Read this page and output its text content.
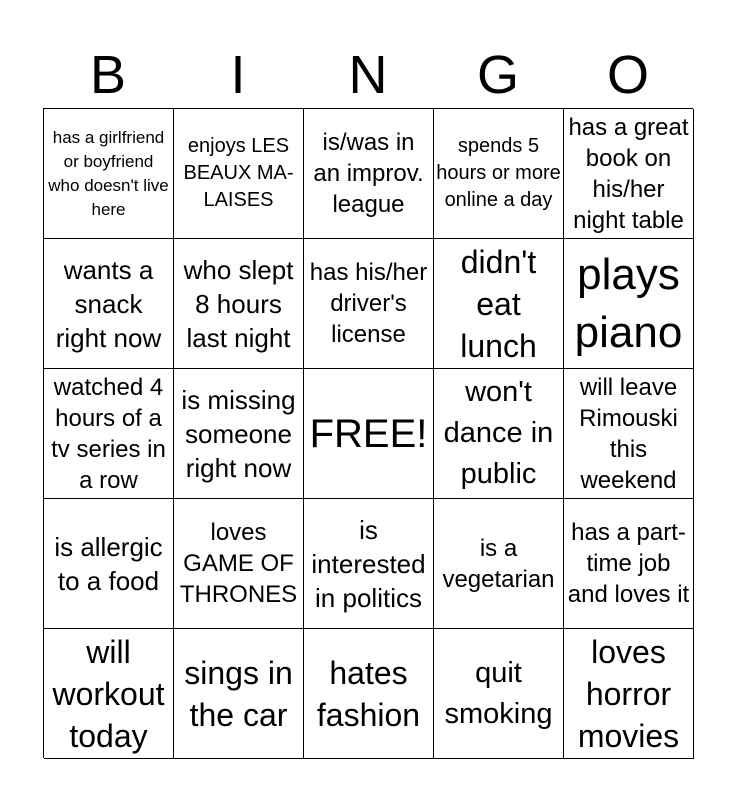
B	I	N	G	O
has a girlfriend or boyfriend who doesn't live here
enjoys LES BEAUX MA-LAISES
is/was in an improv. league
spends 5 hours or more online a day
has a great book on his/her night table
wants a snack right now
who slept 8 hours last night
has his/her driver's license
didn't eat lunch
plays piano
watched 4 hours of a tv series in a row
is missing someone right now
FREE!
won't dance in public
will leave Rimouski this weekend
is allergic to a food
loves GAME OF THRONES
is interested in politics
is a vegetarian
has a part-time job and loves it
will workout today
sings in the car
hates fashion
quit smoking
loves horror movies
